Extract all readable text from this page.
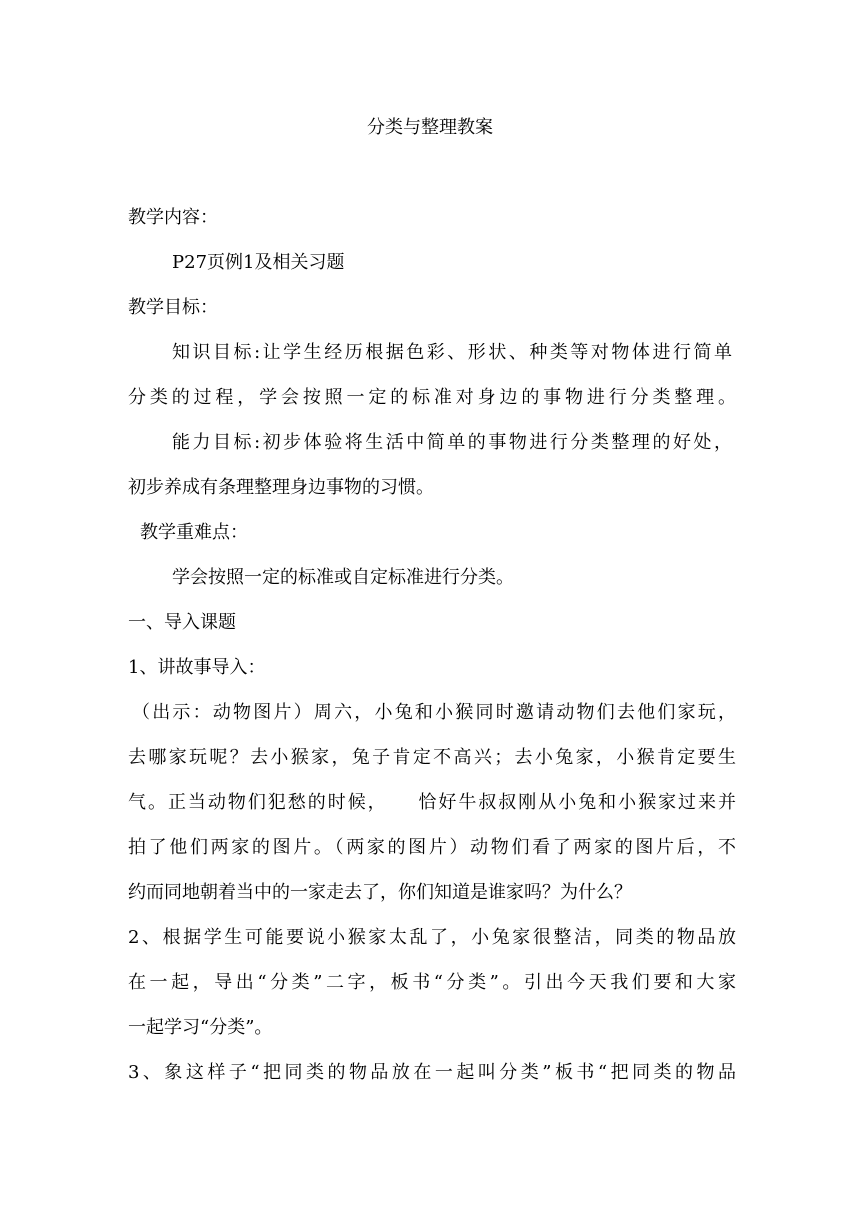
分类与整理教案

教学内容：

P27页例1及相关习题

教学目标：

知识目标:让学生经历根据色彩、形状、种类等对物体进行简单

分类的过程，学会按照一定的标准对身边的事物进行分类整理。

能力目标:初步体验将生活中简单的事物进行分类整理的好处，

初步养成有条理整理身边事物的习惯。

教学重难点：

学会按照一定的标准或自定标准进行分类。

一、导入课题

1、讲故事导入：

（出示：动物图片）周六，小兔和小猴同时邀请动物们去他们家玩，

去哪家玩呢？去小猴家，兔子肯定不高兴；去小兔家，小猴肯定要生

气。正当动物们犯愁的时候，    恰好牛叔叔刚从小兔和小猴家过来并

拍了他们两家的图片。（两家的图片）动物们看了两家的图片后，不

约而同地朝着当中的一家走去了，你们知道是谁家吗？为什么？

2、根据学生可能要说小猴家太乱了，小兔家很整洁，同类的物品放

在一起，导出“分类”二字，板书“分类”。引出今天我们要和大家

一起学习“分类”。

3、象这样子“把同类的物品放在一起叫分类”板书“把同类的物品
